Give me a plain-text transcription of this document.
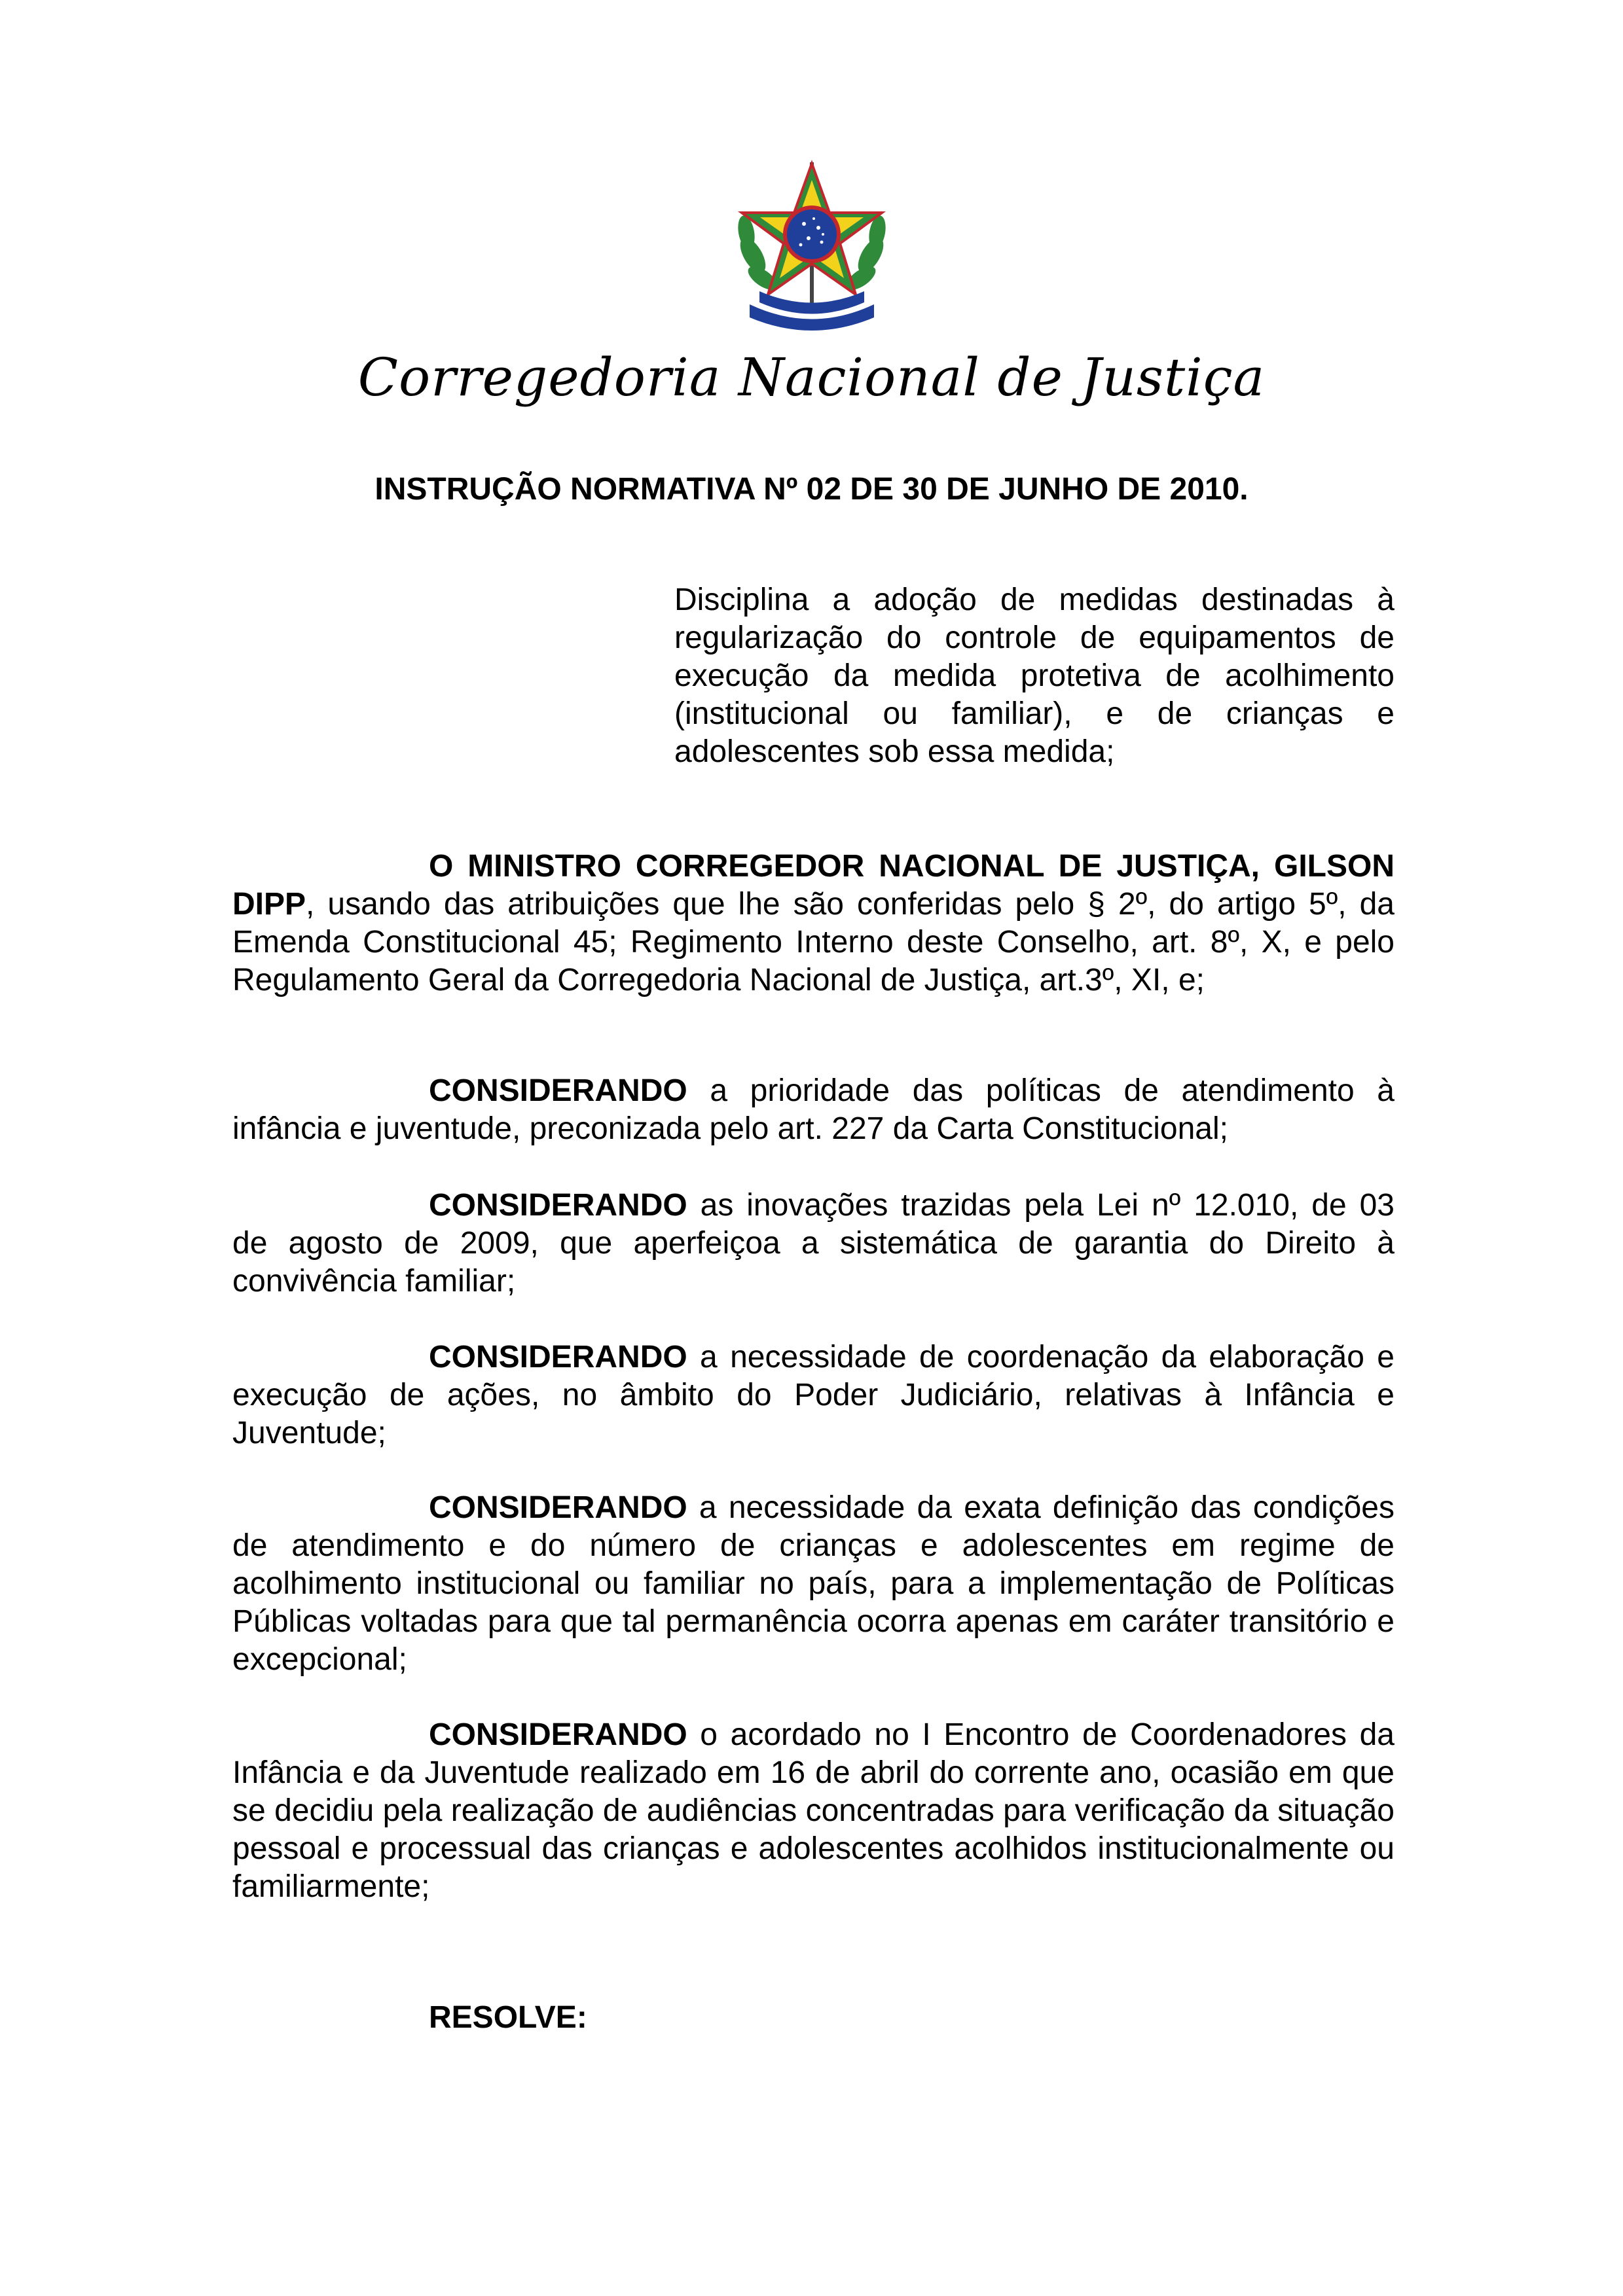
Corregedoria Nacional de Justiça
INSTRUÇÃO NORMATIVA Nº 02 DE 30 DE JUNHO DE 2010.
Disciplina a adoção de medidas destinadas à regularização do controle de equipamentos de execução da medida protetiva de acolhimento (institucional ou familiar), e de crianças e adolescentes sob essa medida;

O MINISTRO CORREGEDOR NACIONAL DE JUSTIÇA, GILSON DIPP, usando das atribuições que lhe são conferidas pelo § 2º, do artigo 5º, da Emenda Constitucional 45; Regimento Interno deste Conselho, art. 8º, X, e pelo Regulamento Geral da Corregedoria Nacional de Justiça, art.3º, XI, e;

CONSIDERANDO a prioridade das políticas de atendimento à infância e juventude, preconizada pelo art. 227 da Carta Constitucional;

CONSIDERANDO as inovações trazidas pela Lei nº 12.010, de 03 de agosto de 2009, que aperfeiçoa a sistemática de garantia do Direito à convivência familiar;

CONSIDERANDO a necessidade de coordenação da elaboração e execução de ações, no âmbito do Poder Judiciário, relativas à Infância e Juventude;

CONSIDERANDO a necessidade da exata definição das condições de atendimento e do número de crianças e adolescentes em regime de acolhimento institucional ou familiar no país, para a implementação de Políticas Públicas voltadas para que tal permanência ocorra apenas em caráter transitório e excepcional;

CONSIDERANDO o acordado no I Encontro de Coordenadores da Infância e da Juventude realizado em 16 de abril do corrente ano, ocasião em que se decidiu pela realização de audiências concentradas para verificação da situação pessoal e processual das crianças e adolescentes acolhidos institucionalmente ou familiarmente;

RESOLVE:
